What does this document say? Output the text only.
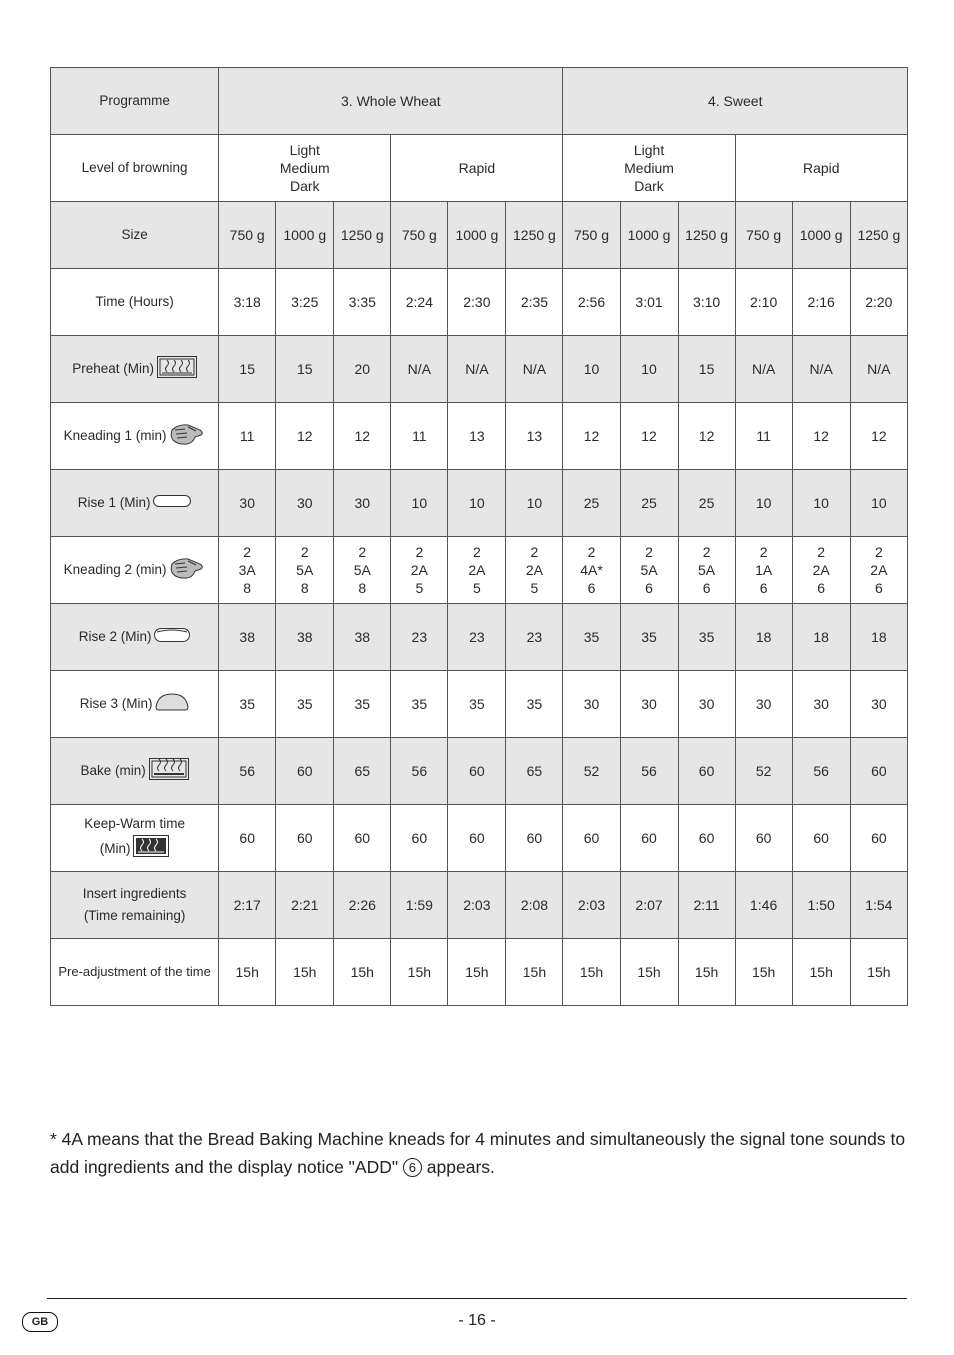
Programme	3. Whole Wheat						4. Sweet					
Level of browning	Light
Medium
Dark			Rapid			Light
Medium
Dark			Rapid		
Size	750 g	1000 g	1250 g	750 g	1000 g	1250 g	750 g	1000 g	1250 g	750 g	1000 g	1250 g
Time (Hours)	3:18	3:25	3:35	2:24	2:30	2:35	2:56	3:01	3:10	2:10	2:16	2:20
Preheat (Min)	15	15	20	N/A	N/A	N/A	10	10	15	N/A	N/A	N/A
Kneading 1 (min)	11	12	12	11	13	13	12	12	12	11	12	12
Rise 1 (Min)	30	30	30	10	10	10	25	25	25	10	10	10
Kneading 2 (min)	2
3A
8	2
5A
8	2
5A
8	2
2A
5	2
2A
5	2
2A
5	2
4A*
6	2
5A
6	2
5A
6	2
1A
6	2
2A
6	2
2A
6
Rise 2 (Min)	38	38	38	23	23	23	35	35	35	18	18	18
Rise 3 (Min)	35	35	35	35	35	35	30	30	30	30	30	30
Bake (min)	56	60	65	56	60	65	52	56	60	52	56	60

Keep-Warm time
(Min)	60	60	60	60	60	60	60	60	60	60	60	60

Insert ingredients
(Time remaining)	2:17	2:21	2:26	1:59	2:03	2:08	2:03	2:07	2:11	1:46	1:50	1:54
Pre-adjustment of the time	15h	15h	15h	15h	15h	15h	15h	15h	15h	15h	15h	15h
* 4A means that the Bread Baking Machine kneads for 4 minutes and simultaneously the signal tone sounds to add ingredients and the display notice "ADD" 6 appears.
GB	- 16 -
